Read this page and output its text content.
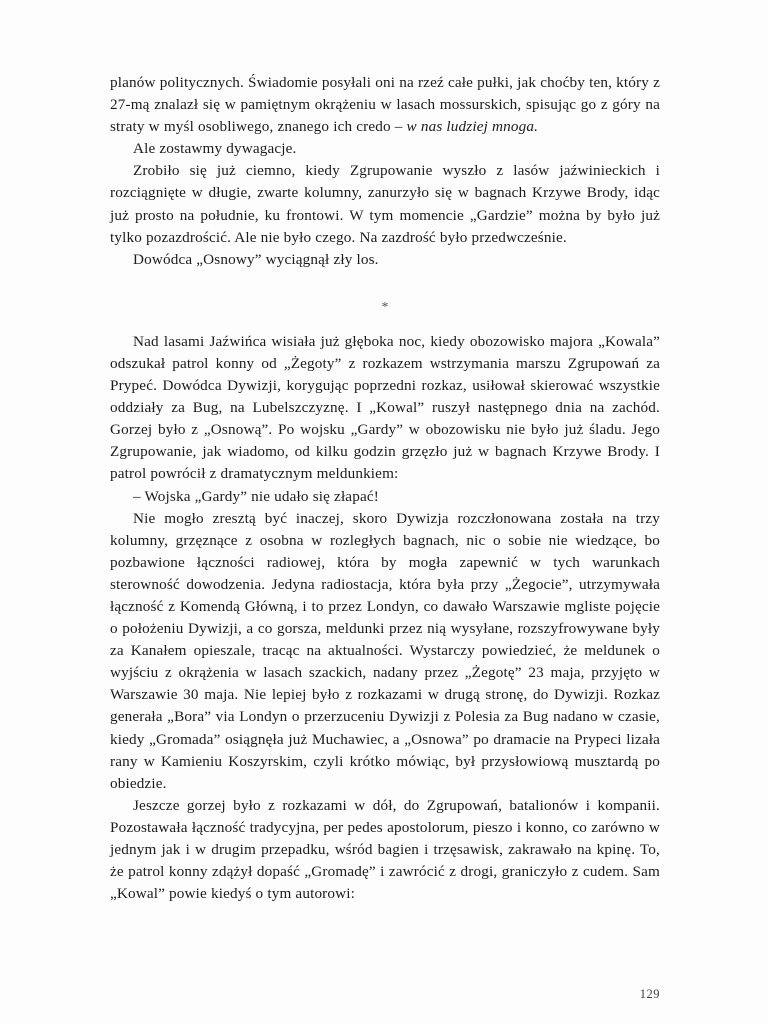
planów politycznych. Świadomie posyłali oni na rzeź całe pułki, jak choćby ten, który z 27-mą znalazł się w pamiętnym okrążeniu w lasach mossurskich, spisując go z góry na straty w myśl osobliwego, znanego ich credo – w nas ludziej mnoga.

Ale zostawmy dywagacje.

Zrobiło się już ciemno, kiedy Zgrupowanie wyszło z lasów jaźwinieckich i rozciągnięte w długie, zwarte kolumny, zanurzyło się w bagnach Krzywe Brody, idąc już prosto na południe, ku frontowi. W tym momencie „Gardzie” można by było już tylko pozazdrościć. Ale nie było czego. Na zazdrość było przedwcześnie.

Dowódca „Osnowy” wyciągnął zły los.

*

Nad lasami Jaźwińca wisiała już głęboka noc, kiedy obozowisko majora „Kowala” odszukał patrol konny od „Żegoty” z rozkazem wstrzymania marszu Zgrupowań za Prypeć. Dowódca Dywizji, korygując poprzedni rozkaz, usiłował skierować wszystkie oddziały za Bug, na Lubelszczyznę. I „Kowal” ruszył następnego dnia na zachód. Gorzej było z „Osnową”. Po wojsku „Gardy” w obozowisku nie było już śladu. Jego Zgrupowanie, jak wiadomo, od kilku godzin grzęzło już w bagnach Krzywe Brody. I patrol powrócił z dramatycznym meldunkiem:

– Wojska „Gardy” nie udało się złapać!

Nie mogło zresztą być inaczej, skoro Dywizja rozczłonowana została na trzy kolumny, grzęznące z osobna w rozległych bagnach, nic o sobie nie wiedzące, bo pozbawione łączności radiowej, która by mogła zapewnić w tych warunkach sterowność dowodzenia. Jedyna radiostacja, która była przy „Żegocie”, utrzymywała łączność z Komendą Główną, i to przez Londyn, co dawało Warszawie mgliste pojęcie o położeniu Dywizji, a co gorsza, meldunki przez nią wysyłane, rozszyfrowywane były za Kanałem opieszale, tracąc na aktualności. Wystarczy powiedzieć, że meldunek o wyjściu z okrążenia w lasach szackich, nadany przez „Żegotę” 23 maja, przyjęto w Warszawie 30 maja. Nie lepiej było z rozkazami w drugą stronę, do Dywizji. Rozkaz generała „Bora” via Londyn o przerzuceniu Dywizji z Polesia za Bug nadano w czasie, kiedy „Gromada” osiągnęła już Muchawiec, a „Osnowa” po dramacie na Prypeci lizała rany w Kamieniu Koszyrskim, czyli krótko mówiąc, był przysłowiową musztardą po obiedzie.

Jeszcze gorzej było z rozkazami w dół, do Zgrupowań, batalionów i kompanii. Pozostawała łączność tradycyjna, per pedes apostolorum, pieszo i konno, co zarówno w jednym jak i w drugim przepadku, wśród bagien i trzęsawisk, zakrawało na kpinę. To, że patrol konny zdążył dopaść „Gromadę” i zawrócić z drogi, graniczyło z cudem. Sam „Kowal” powie kiedyś o tym autorowi:

129
